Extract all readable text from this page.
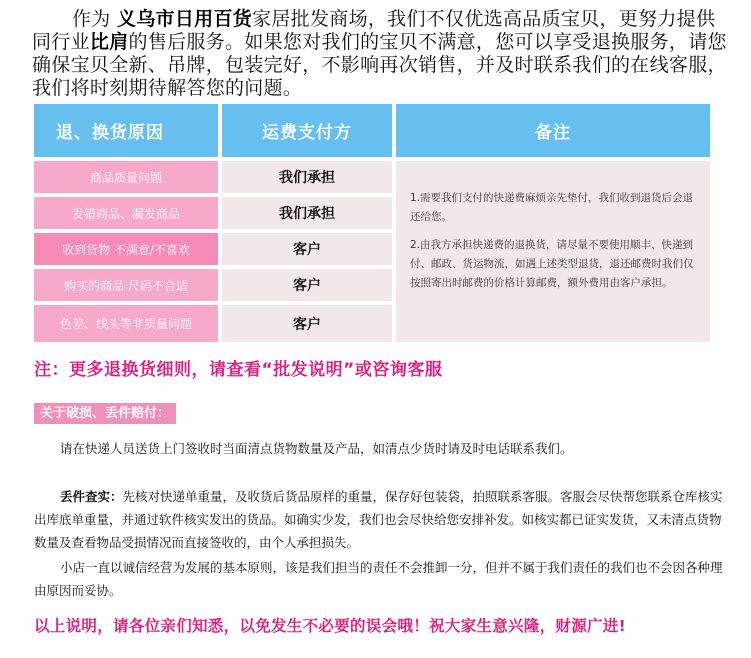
作为 义乌市日用百货家居批发商场，我们不仅优选高品质宝贝，更努力提供同行业比肩的售后服务。如果您对我们的宝贝不满意，您可以享受退换服务，请您确保宝贝全新、吊牌，包装完好，不影响再次销售，并及时联系我们的在线客服，我们将时刻期待解答您的问题。

退、换货原因	运费支付方	备注
商品质量问题	我们承担
发错商品、漏发商品	我们承担
收到货物 不满意/不喜欢	客户
购买的商品 尺码不合适	客户
色差、线头等非质量问题	客户

1.需要我们支付的快递费麻烦亲先垫付，我们收到退货后会退还给您。

2.由我方承担快递费的退换货，请尽量不要使用顺丰、快递到付、邮政、货运物流，如遇上述类型退货，退还邮费时我们仅按照寄出时邮费的价格计算邮费，额外费用由客户承担。

注：更多退换货细则，请查看“批发说明”或咨询客服
关于破损、丢件赔付：
请在快递人员送货上门签收时当面清点货物数量及产品，如清点少货时请及时电话联系我们。
丢件查实：先核对快递单重量，及收货后货品原样的重量，保存好包装袋，拍照联系客服。客服会尽快帮您联系仓库核实出库底单重量，并通过软件核实发出的货品。如确实少发，我们也会尽快给您安排补发。如核实都已证实发货，又未清点货物数量及查看物品受损情况而直接签收的，由个人承担损失。
小店一直以诚信经营为发展的基本原则，该是我们担当的责任不会推卸一分，但并不属于我们责任的我们也不会因各种理由原因而妥协。
以上说明，请各位亲们知悉，以免发生不必要的误会哦！祝大家生意兴隆，财源广进!
